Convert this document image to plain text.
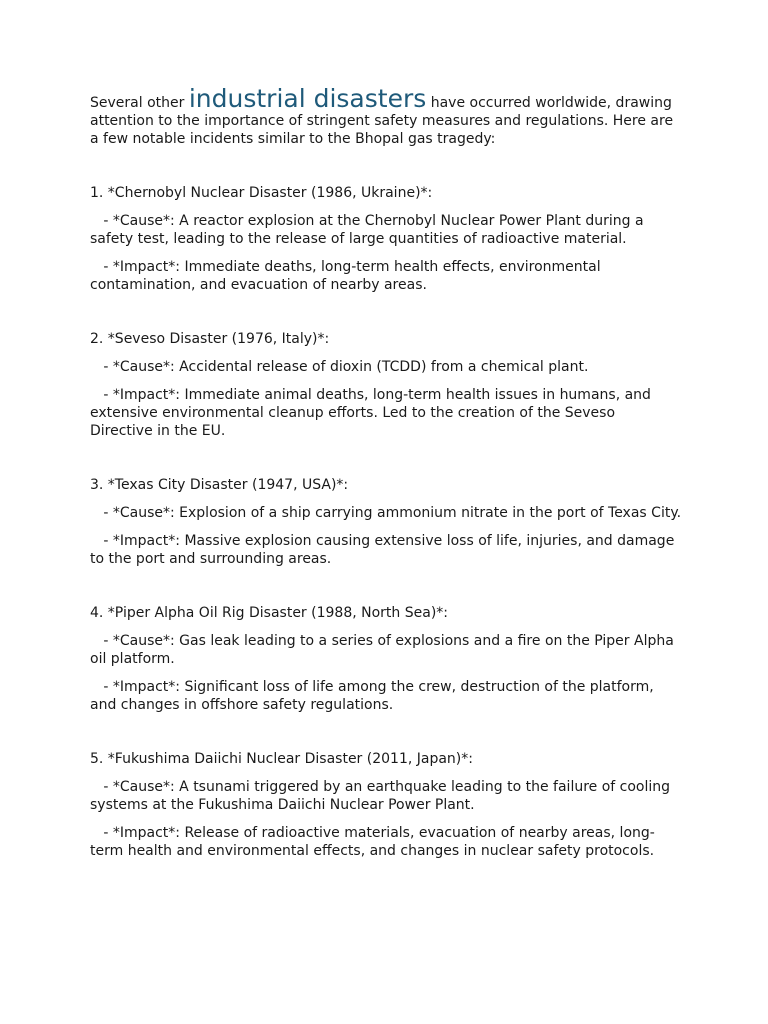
Several other industrial disasters have occurred worldwide, drawing attention to the importance of stringent safety measures and regulations. Here are a few notable incidents similar to the Bhopal gas tragedy:

1. *Chernobyl Nuclear Disaster (1986, Ukraine)*:

- *Cause*: A reactor explosion at the Chernobyl Nuclear Power Plant during a safety test, leading to the release of large quantities of radioactive material.

- *Impact*: Immediate deaths, long-term health effects, environmental contamination, and evacuation of nearby areas.

2. *Seveso Disaster (1976, Italy)*:

- *Cause*: Accidental release of dioxin (TCDD) from a chemical plant.

- *Impact*: Immediate animal deaths, long-term health issues in humans, and extensive environmental cleanup efforts. Led to the creation of the Seveso Directive in the EU.

3. *Texas City Disaster (1947, USA)*:

- *Cause*: Explosion of a ship carrying ammonium nitrate in the port of Texas City.

- *Impact*: Massive explosion causing extensive loss of life, injuries, and damage to the port and surrounding areas.

4. *Piper Alpha Oil Rig Disaster (1988, North Sea)*:

- *Cause*: Gas leak leading to a series of explosions and a fire on the Piper Alpha oil platform.

- *Impact*: Significant loss of life among the crew, destruction of the platform, and changes in offshore safety regulations.

5. *Fukushima Daiichi Nuclear Disaster (2011, Japan)*:

- *Cause*: A tsunami triggered by an earthquake leading to the failure of cooling systems at the Fukushima Daiichi Nuclear Power Plant.

- *Impact*: Release of radioactive materials, evacuation of nearby areas, long-term health and environmental effects, and changes in nuclear safety protocols.
